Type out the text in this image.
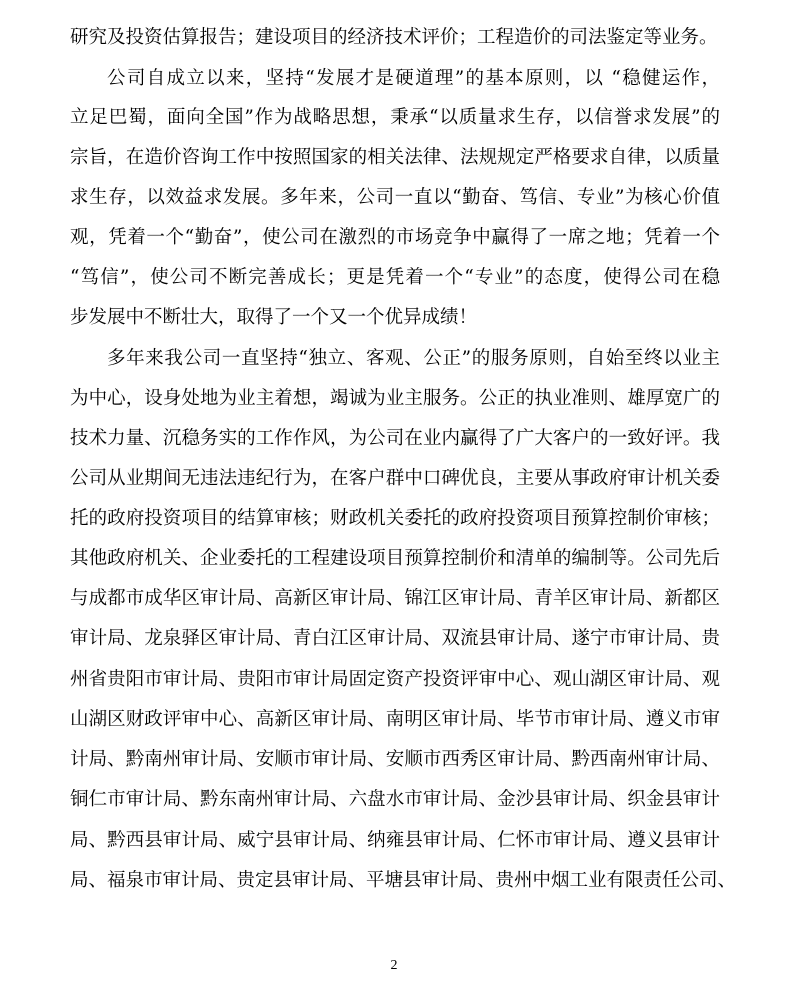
研究及投资估算报告；建设项目的经济技术评价；工程造价的司法鉴定等业务。
公司自成立以来，坚持“发展才是硬道理”的基本原则，以 “稳健运作，
立足巴蜀，面向全国”作为战略思想，秉承“以质量求生存，以信誉求发展”的
宗旨，在造价咨询工作中按照国家的相关法律、法规规定严格要求自律，以质量
求生存，以效益求发展。多年来，公司一直以“勤奋、笃信、专业”为核心价值
观，凭着一个“勤奋”，使公司在激烈的市场竞争中赢得了一席之地；凭着一个
“笃信”，使公司不断完善成长；更是凭着一个“专业”的态度，使得公司在稳
步发展中不断壮大，取得了一个又一个优异成绩！
多年来我公司一直坚持“独立、客观、公正”的服务原则，自始至终以业主
为中心，设身处地为业主着想，竭诚为业主服务。公正的执业准则、雄厚宽广的
技术力量、沉稳务实的工作作风，为公司在业内赢得了广大客户的一致好评。我
公司从业期间无违法违纪行为，在客户群中口碑优良，主要从事政府审计机关委
托的政府投资项目的结算审核；财政机关委托的政府投资项目预算控制价审核；
其他政府机关、企业委托的工程建设项目预算控制价和清单的编制等。公司先后
与成都市成华区审计局、高新区审计局、锦江区审计局、青羊区审计局、新都区
审计局、龙泉驿区审计局、青白江区审计局、双流县审计局、遂宁市审计局、贵
州省贵阳市审计局、贵阳市审计局固定资产投资评审中心、观山湖区审计局、观
山湖区财政评审中心、高新区审计局、南明区审计局、毕节市审计局、遵义市审
计局、黔南州审计局、安顺市审计局、安顺市西秀区审计局、黔西南州审计局、
铜仁市审计局、黔东南州审计局、六盘水市审计局、金沙县审计局、织金县审计
局、黔西县审计局、威宁县审计局、纳雍县审计局、仁怀市审计局、遵义县审计
局、福泉市审计局、贵定县审计局、平塘县审计局、贵州中烟工业有限责任公司、
2
